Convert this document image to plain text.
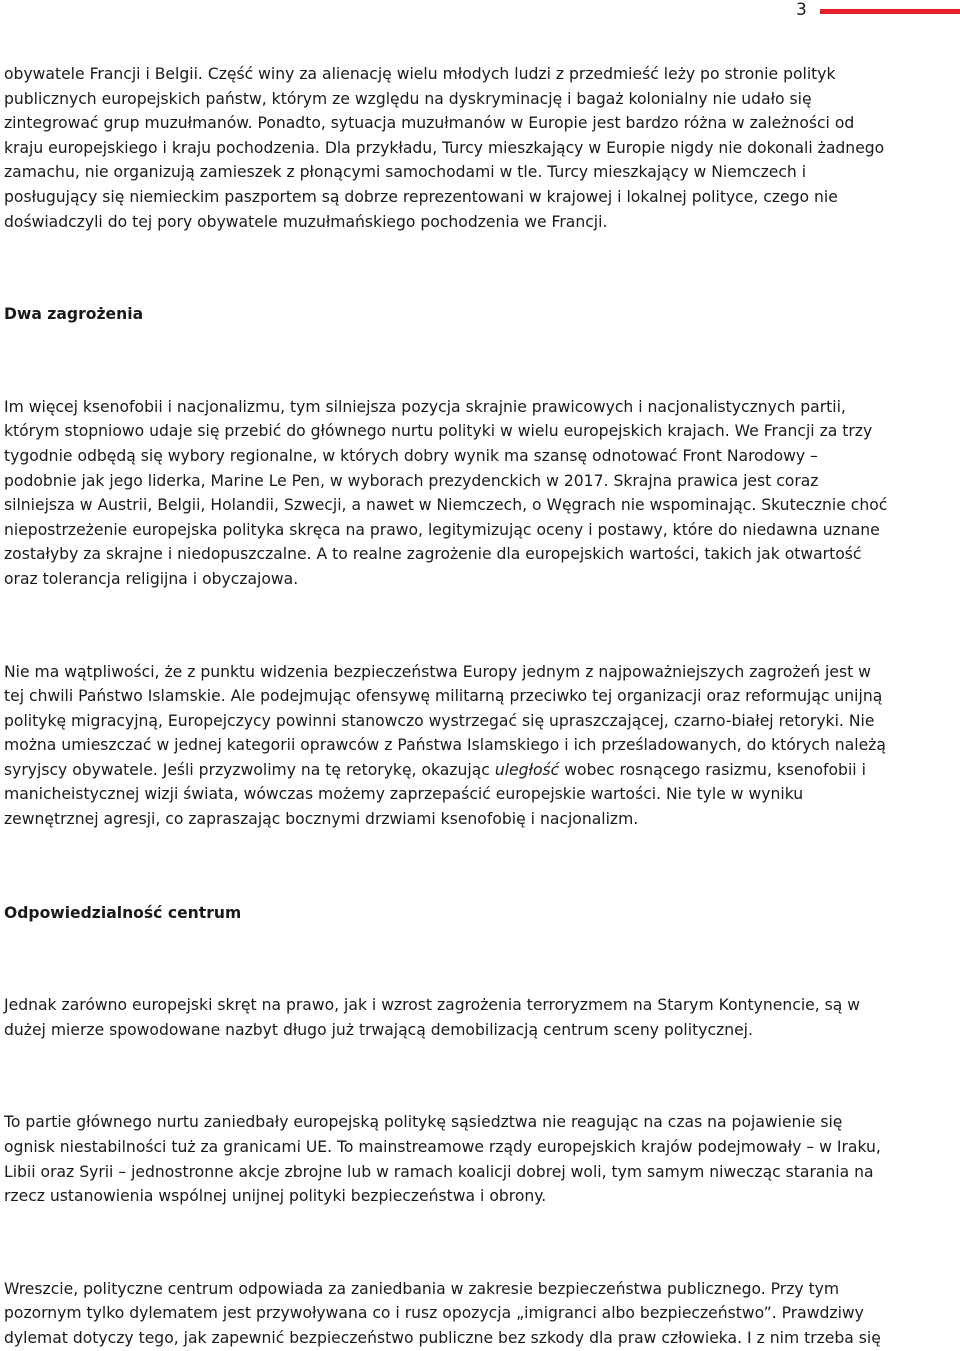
3

obywatele Francji i Belgii. Część winy za alienację wielu młodych ludzi z przedmieść leży po stronie polityk
publicznych europejskich państw, którym ze względu na dyskryminację i bagaż kolonialny nie udało się
zintegrować grup muzułmanów. Ponadto, sytuacja muzułmanów w Europie jest bardzo różna w zależności od
kraju europejskiego i kraju pochodzenia. Dla przykładu, Turcy mieszkający w Europie nigdy nie dokonali żadnego
zamachu, nie organizują zamieszek z płonącymi samochodami w tle. Turcy mieszkający w Niemczech i
posługujący się niemieckim paszportem są dobrze reprezentowani w krajowej i lokalnej polityce, czego nie
doświadczyli do tej pory obywatele muzułmańskiego pochodzenia we Francji.

Dwa zagrożenia

Im więcej ksenofobii i nacjonalizmu, tym silniejsza pozycja skrajnie prawicowych i nacjonalistycznych partii,
którym stopniowo udaje się przebić do głównego nurtu polityki w wielu europejskich krajach. We Francji za trzy
tygodnie odbędą się wybory regionalne, w których dobry wynik ma szansę odnotować Front Narodowy –
podobnie jak jego liderka, Marine Le Pen, w wyborach prezydenckich w 2017. Skrajna prawica jest coraz
silniejsza w Austrii, Belgii, Holandii, Szwecji, a nawet w Niemczech, o Węgrach nie wspominając. Skutecznie choć
niepostrzeżenie europejska polityka skręca na prawo, legitymizując oceny i postawy, które do niedawna uznane
zostałyby za skrajne i niedopuszczalne. A to realne zagrożenie dla europejskich wartości, takich jak otwartość
oraz tolerancja religijna i obyczajowa.

Nie ma wątpliwości, że z punktu widzenia bezpieczeństwa Europy jednym z najpoważniejszych zagrożeń jest w
tej chwili Państwo Islamskie. Ale podejmując ofensywę militarną przeciwko tej organizacji oraz reformując unijną
politykę migracyjną, Europejczycy powinni stanowczo wystrzegać się upraszczającej, czarno-białej retoryki. Nie
można umieszczać w jednej kategorii oprawców z Państwa Islamskiego i ich prześladowanych, do których należą
syryjscy obywatele. Jeśli przyzwolimy na tę retorykę, okazując uległość wobec rosnącego rasizmu, ksenofobii i
manicheistycznej wizji świata, wówczas możemy zaprzepaścić europejskie wartości. Nie tyle w wyniku
zewnętrznej agresji, co zapraszając bocznymi drzwiami ksenofobię i nacjonalizm.

Odpowiedzialność centrum

Jednak zarówno europejski skręt na prawo, jak i wzrost zagrożenia terroryzmem na Starym Kontynencie, są w
dużej mierze spowodowane nazbyt długo już trwającą demobilizacją centrum sceny politycznej.

To partie głównego nurtu zaniedbały europejską politykę sąsiedztwa nie reagując na czas na pojawienie się
ognisk niestabilności tuż za granicami UE. To mainstreamowe rządy europejskich krajów podejmowały – w Iraku,
Libii oraz Syrii – jednostronne akcje zbrojne lub w ramach koalicji dobrej woli, tym samym niwecząc starania na
rzecz ustanowienia wspólnej unijnej polityki bezpieczeństwa i obrony.

Wreszcie, polityczne centrum odpowiada za zaniedbania w zakresie bezpieczeństwa publicznego. Przy tym
pozornym tylko dylematem jest przywoływana co i rusz opozycja „imigranci albo bezpieczeństwo”. Prawdziwy
dylemat dotyczy tego, jak zapewnić bezpieczeństwo publiczne bez szkody dla praw człowieka. I z nim trzeba się
